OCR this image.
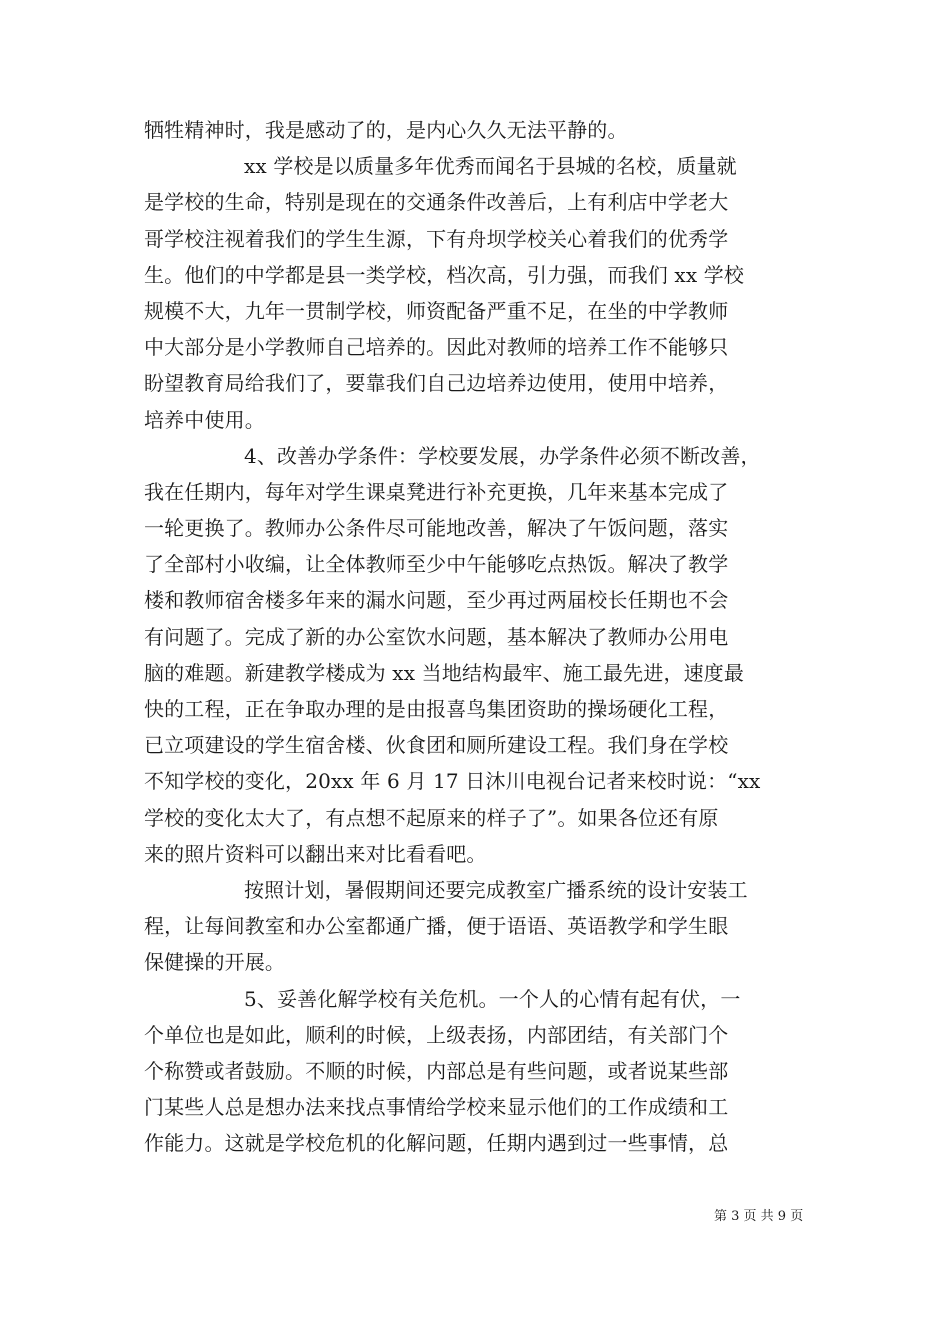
牺牲精神时，我是感动了的，是内心久久无法平静的。
xx 学校是以质量多年优秀而闻名于县城的名校，质量就
是学校的生命，特别是现在的交通条件改善后，上有利店中学老大
哥学校注视着我们的学生生源，下有舟坝学校关心着我们的优秀学
生。他们的中学都是县一类学校，档次高，引力强，而我们 xx 学校
规模不大，九年一贯制学校，师资配备严重不足，在坐的中学教师
中大部分是小学教师自己培养的。因此对教师的培养工作不能够只
盼望教育局给我们了，要靠我们自己边培养边使用，使用中培养，
培养中使用。
4、改善办学条件：学校要发展，办学条件必须不断改善，
我在任期内，每年对学生课桌凳进行补充更换，几年来基本完成了
一轮更换了。教师办公条件尽可能地改善，解决了午饭问题，落实
了全部村小收编，让全体教师至少中午能够吃点热饭。解决了教学
楼和教师宿舍楼多年来的漏水问题，至少再过两届校长任期也不会
有问题了。完成了新的办公室饮水问题，基本解决了教师办公用电
脑的难题。新建教学楼成为 xx 当地结构最牢、施工最先进，速度最
快的工程，正在争取办理的是由报喜鸟集团资助的操场硬化工程，
已立项建设的学生宿舍楼、伙食团和厕所建设工程。我们身在学校
不知学校的变化，20xx 年 6 月 17 日沐川电视台记者来校时说：“xx
学校的变化太大了，有点想不起原来的样子了”。如果各位还有原
来的照片资料可以翻出来对比看看吧。
按照计划，暑假期间还要完成教室广播系统的设计安装工
程，让每间教室和办公室都通广播，便于语语、英语教学和学生眼
保健操的开展。
5、妥善化解学校有关危机。一个人的心情有起有伏，一
个单位也是如此，顺利的时候，上级表扬，内部团结，有关部门个
个称赞或者鼓励。不顺的时候，内部总是有些问题，或者说某些部
门某些人总是想办法来找点事情给学校来显示他们的工作成绩和工
作能力。这就是学校危机的化解问题，任期内遇到过一些事情，总
第 3 页 共 9 页
